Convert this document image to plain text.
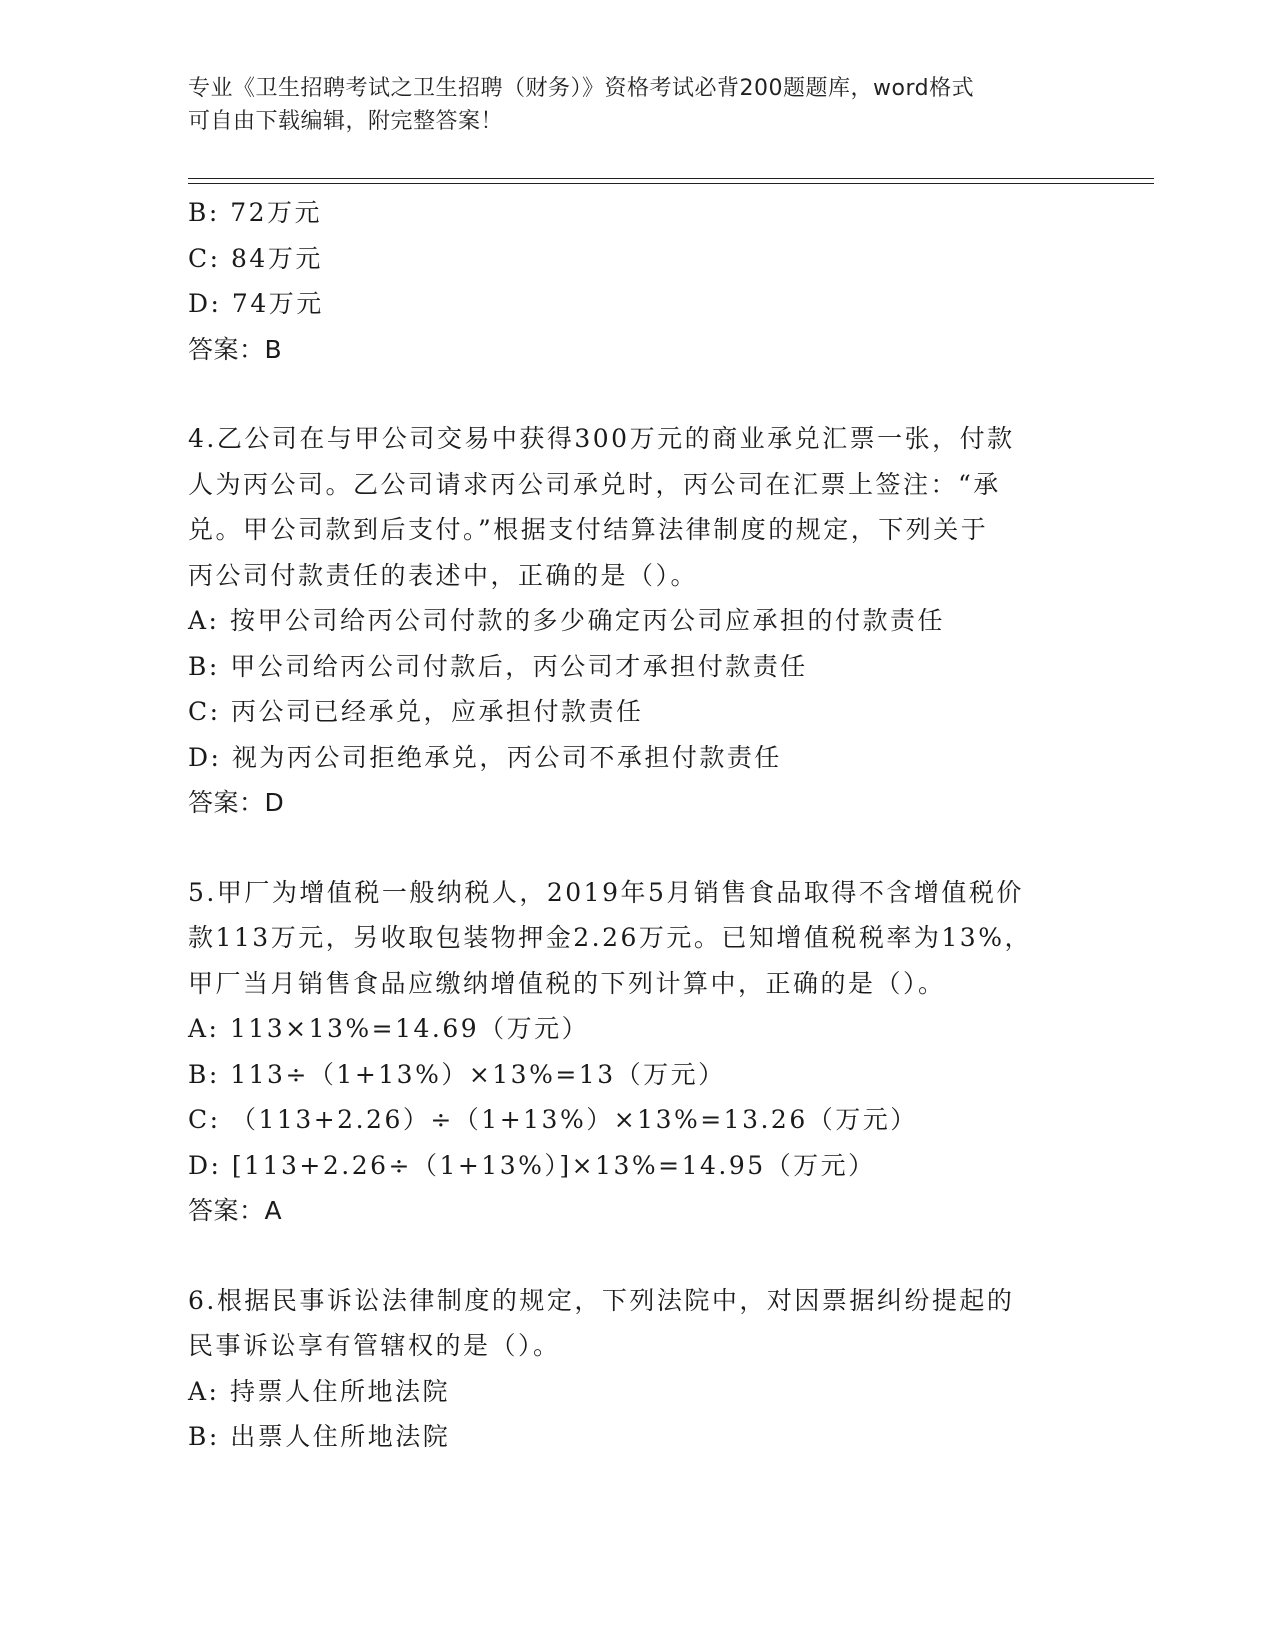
专业《卫生招聘考试之卫生招聘（财务）》资格考试必背200题题库，word格式
可自由下载编辑，附完整答案！
B: 72万元
C: 84万元
D: 74万元
答案：B
4.乙公司在与甲公司交易中获得300万元的商业承兑汇票一张，付款
人为丙公司。乙公司请求丙公司承兑时，丙公司在汇票上签注：“承
兑。甲公司款到后支付。”根据支付结算法律制度的规定，下列关于
丙公司付款责任的表述中，正确的是（）。
A: 按甲公司给丙公司付款的多少确定丙公司应承担的付款责任
B: 甲公司给丙公司付款后，丙公司才承担付款责任
C: 丙公司已经承兑，应承担付款责任
D: 视为丙公司拒绝承兑，丙公司不承担付款责任
答案：D
5.甲厂为增值税一般纳税人，2019年5月销售食品取得不含增值税价
款113万元，另收取包装物押金2.26万元。已知增值税税率为13%，
甲厂当月销售食品应缴纳增值税的下列计算中，正确的是（）。
A: 113×13%=14.69（万元）
B: 113÷（1+13%）×13%=13（万元）
C: （113+2.26）÷（1+13%）×13%=13.26（万元）
D: [113+2.26÷（1+13%）]×13%=14.95（万元）
答案：A
6.根据民事诉讼法律制度的规定，下列法院中，对因票据纠纷提起的
民事诉讼享有管辖权的是（）。
A: 持票人住所地法院
B: 出票人住所地法院
